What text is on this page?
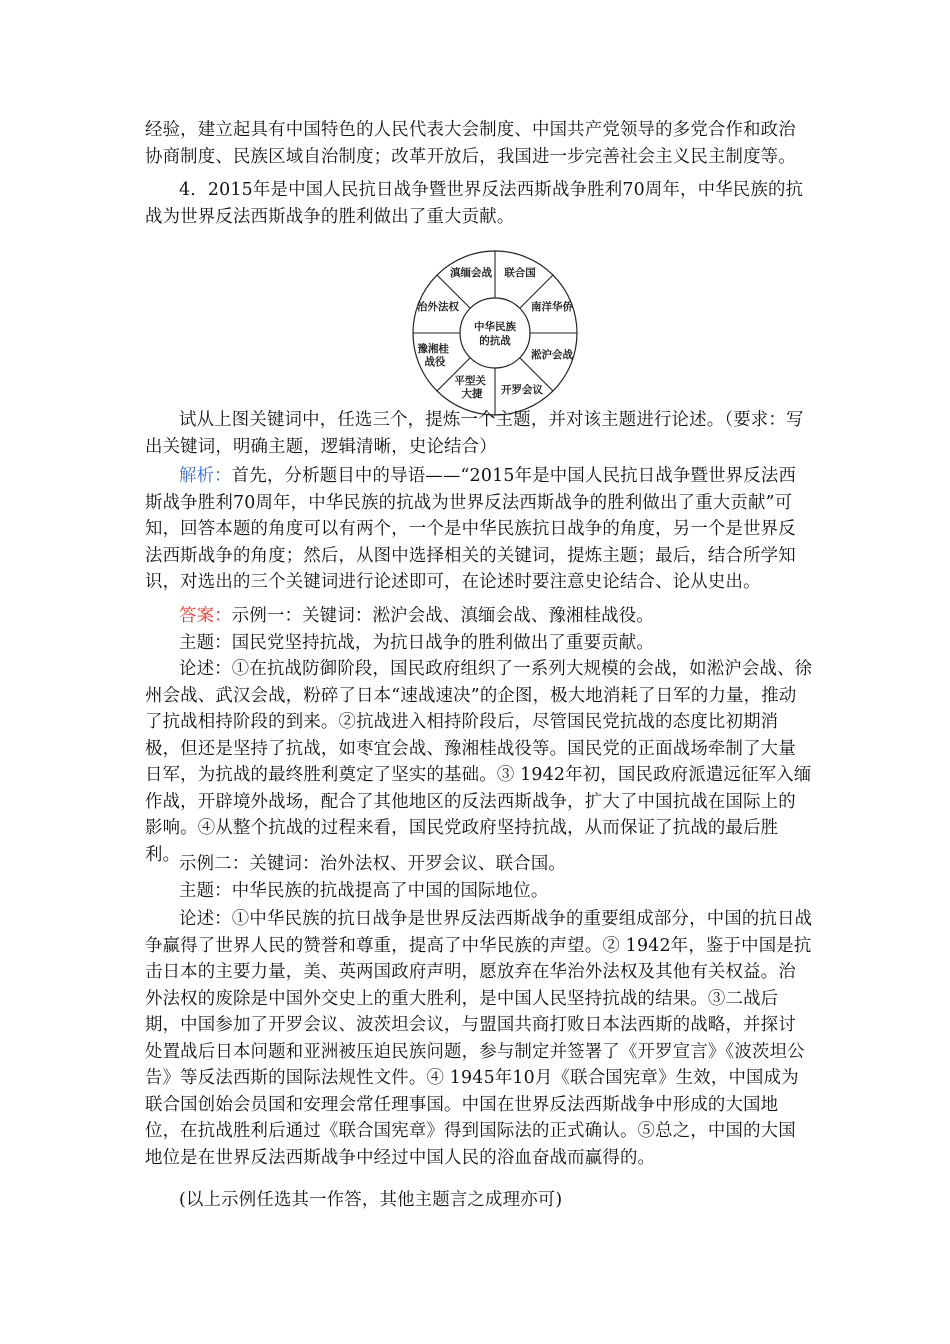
经验，建立起具有中国特色的人民代表大会制度、中国共产党领导的多党合作和政治协商制度、民族区域自治制度；改革开放后，我国进一步完善社会主义民主制度等。

4．2015年是中国人民抗日战争暨世界反法西斯战争胜利70周年，中华民族的抗战为世界反法西斯战争的胜利做出了重大贡献。

中华民族
的抗战
滇缅会战 联合国
南洋华侨
淞沪会战
开罗会议
平型关 大捷
豫湘桂 战役
治外法权

试从上图关键词中，任选三个，提炼一个主题，并对该主题进行论述。（要求：写出关键词，明确主题，逻辑清晰，史论结合）

解析：首先，分析题目中的导语——“2015年是中国人民抗日战争暨世界反法西斯战争胜利70周年，中华民族的抗战为世界反法西斯战争的胜利做出了重大贡献”可知，回答本题的角度可以有两个，一个是中华民族抗日战争的角度，另一个是世界反法西斯战争的角度；然后，从图中选择相关的关键词，提炼主题；最后，结合所学知识，对选出的三个关键词进行论述即可，在论述时要注意史论结合、论从史出。

答案：示例一：关键词：淞沪会战、滇缅会战、豫湘桂战役。

主题：国民党坚持抗战，为抗日战争的胜利做出了重要贡献。

论述：①在抗战防御阶段，国民政府组织了一系列大规模的会战，如淞沪会战、徐州会战、武汉会战，粉碎了日本“速战速决”的企图，极大地消耗了日军的力量，推动了抗战相持阶段的到来。②抗战进入相持阶段后，尽管国民党抗战的态度比初期消极，但还是坚持了抗战，如枣宜会战、豫湘桂战役等。国民党的正面战场牵制了大量日军，为抗战的最终胜利奠定了坚实的基础。③ 1942年初，国民政府派遣远征军入缅作战，开辟境外战场，配合了其他地区的反法西斯战争，扩大了中国抗战在国际上的影响。④从整个抗战的过程来看，国民党政府坚持抗战，从而保证了抗战的最后胜利。

示例二：关键词：治外法权、开罗会议、联合国。

主题：中华民族的抗战提高了中国的国际地位。

论述：①中华民族的抗日战争是世界反法西斯战争的重要组成部分，中国的抗日战争赢得了世界人民的赞誉和尊重，提高了中华民族的声望。② 1942年，鉴于中国是抗击日本的主要力量，美、英两国政府声明，愿放弃在华治外法权及其他有关权益。治外法权的废除是中国外交史上的重大胜利，是中国人民坚持抗战的结果。③二战后期，中国参加了开罗会议、波茨坦会议，与盟国共商打败日本法西斯的战略，并探讨处置战后日本问题和亚洲被压迫民族问题，参与制定并签署了《开罗宣言》《波茨坦公告》等反法西斯的国际法规性文件。④ 1945年10月《联合国宪章》生效，中国成为联合国创始会员国和安理会常任理事国。中国在世界反法西斯战争中形成的大国地位，在抗战胜利后通过《联合国宪章》得到国际法的正式确认。⑤总之，中国的大国地位是在世界反法西斯战争中经过中国人民的浴血奋战而赢得的。

(以上示例任选其一作答，其他主题言之成理亦可)
